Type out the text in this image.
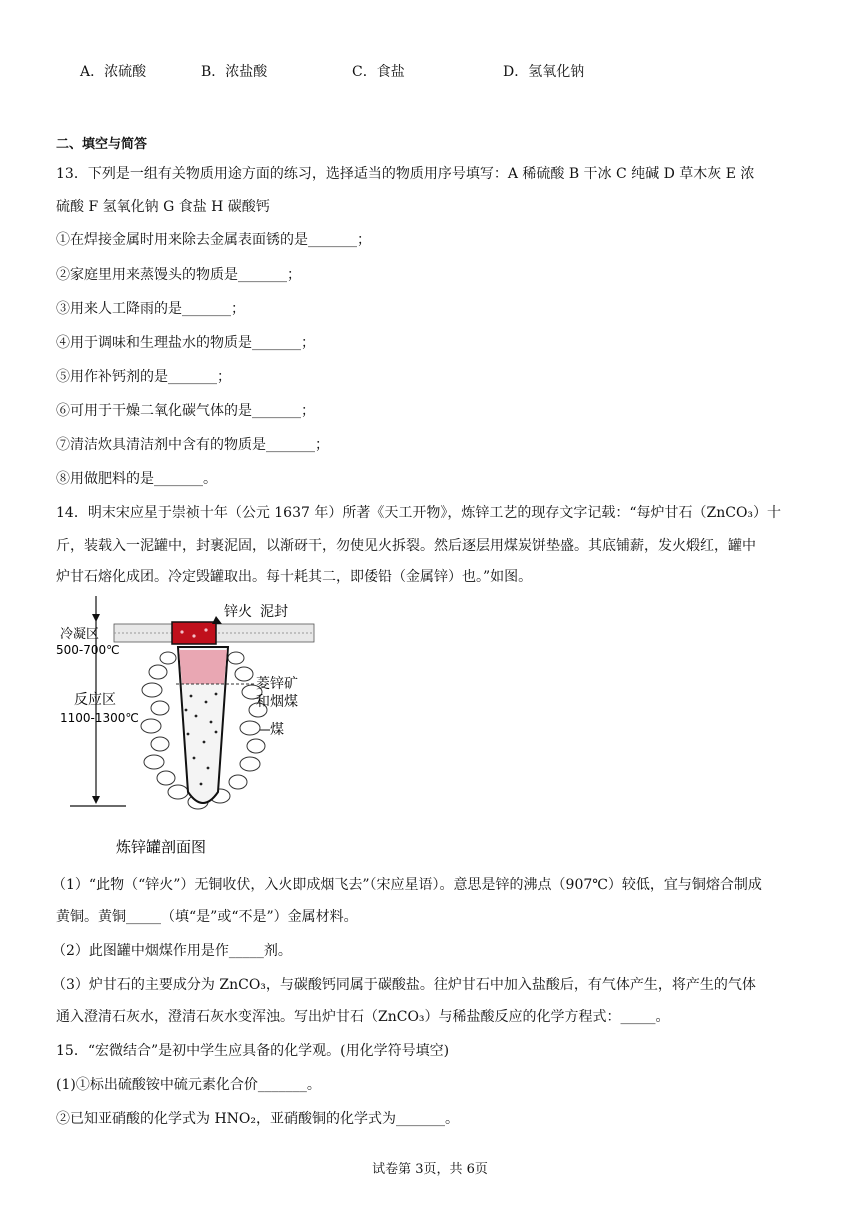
A．浓硫酸	B．浓盐酸	C．食盐	D．氢氧化钠
二、填空与简答
13．下列是一组有关物质用途方面的练习，选择适当的物质用序号填写：A 稀硫酸 B 干冰 C 纯碱 D 草木灰 E 浓
硫酸 F 氢氧化钠 G 食盐 H 碳酸钙
①在焊接金属时用来除去金属表面锈的是_______；
②家庭里用来蒸馒头的物质是_______；
③用来人工降雨的是_______；
④用于调味和生理盐水的物质是_______；
⑤用作补钙剂的是_______；
⑥可用于干燥二氧化碳气体的是_______；
⑦清洁炊具清洁剂中含有的物质是_______；
⑧用做肥料的是_______。
14．明末宋应星于崇祯十年（公元 1637 年）所著《天工开物》，炼锌工艺的现存文字记载：“每炉甘石（ZnCO₃）十
斤，装载入一泥罐中，封裹泥固，以渐砑干，勿使见火拆裂。然后逐层用煤炭饼垫盛。其底铺薪，发火煅红，罐中
炉甘石熔化成团。冷定毁罐取出。每十耗其二，即倭铅（金属锌）也。”如图。
锌火 泥封
冷凝区
500-700℃
菱锌矿
和烟煤
反应区
1100-1300℃
煤
炼锌罐剖面图
（1）“此物（“锌火”）无铜收伏，入火即成烟飞去”（宋应星语）。意思是锌的沸点（907℃）较低，宜与铜熔合制成
黄铜。黄铜_____（填“是”或“不是”）金属材料。
（2）此图罐中烟煤作用是作_____剂。
（3）炉甘石的主要成分为 ZnCO₃，与碳酸钙同属于碳酸盐。往炉甘石中加入盐酸后，有气体产生，将产生的气体
通入澄清石灰水，澄清石灰水变浑浊。写出炉甘石（ZnCO₃）与稀盐酸反应的化学方程式：_____。
15．“宏微结合”是初中学生应具备的化学观。(用化学符号填空)
(1)①标出硫酸铵中硫元素化合价_______。
②已知亚硝酸的化学式为 HNO₂，亚硝酸铜的化学式为_______。
试卷第 3页，共 6页
